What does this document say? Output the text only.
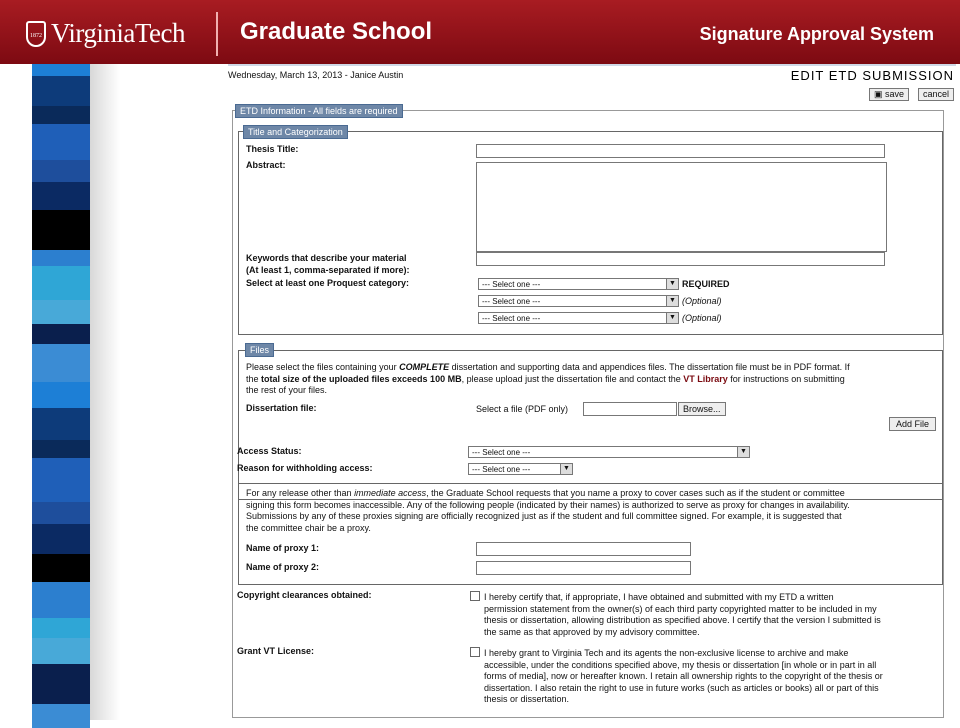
1872 VirginiaTech Graduate School	Signature Approval System
Wednesday, March 13, 2013 - Janice Austin	EDIT ETD SUBMISSION
▣ save	cancel
ETD Information - All fields are required
Title and Categorization
Thesis Title:
Abstract:
Keywords that describe your material
(At least 1, comma-separated if more):
Select at least one Proquest category:	--- Select one ---	▼ REQUIRED
--- Select one ---	▼ (Optional)
--- Select one ---	▼ (Optional)
Files
Please select the files containing your COMPLETE dissertation and supporting data and appendices files. The dissertation file must be in PDF format. If
the total size of the uploaded files exceeds 100 MB, please upload just the dissertation file and contact the VT Library for instructions on submitting
the rest of your files.
Dissertation file:	Select a file (PDF only)	Browse...
Add File
Access Status:	--- Select one ---	▼
Reason for withholding access:	--- Select one ---	▼
For any release other than immediate access, the Graduate School requests that you name a proxy to cover cases such as if the student or committee
signing this form becomes inaccessible. Any of the following people (indicated by their names) is authorized to serve as proxy for changes in availability.
Submissions by any of these proxies signing are officially recognized just as if the student and full committee signed. For example, it is suggested that
the committee chair be a proxy.
Name of proxy 1:
Name of proxy 2:
Copyright clearances obtained:	I hereby certify that, if appropriate, I have obtained and submitted with my ETD a written
permission statement from the owner(s) of each third party copyrighted matter to be included in my
thesis or dissertation, allowing distribution as specified above. I certify that the version I submitted is
the same as that approved by my advisory committee.
Grant VT License:	I hereby grant to Virginia Tech and its agents the non-exclusive license to archive and make
accessible, under the conditions specified above, my thesis or dissertation [in whole or in part in all
forms of media], now or hereafter known. I retain all ownership rights to the copyright of the thesis or
dissertation. I also retain the right to use in future works (such as articles or books) all or part of this
thesis or dissertation.
